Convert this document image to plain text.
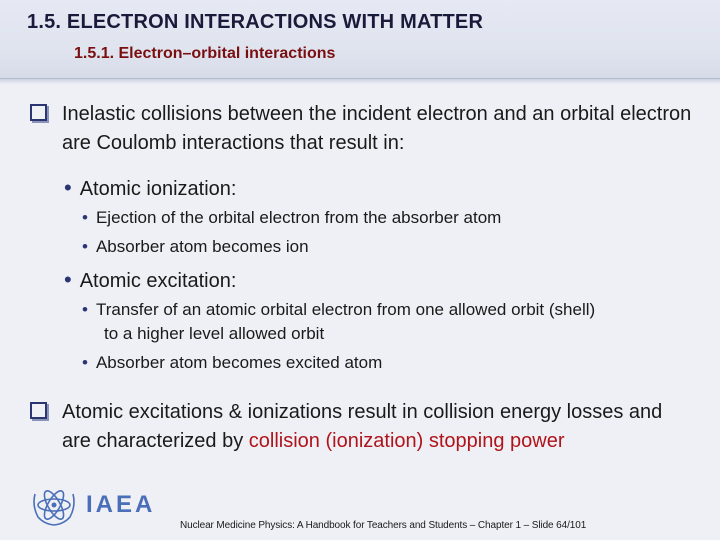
1.5. ELECTRON INTERACTIONS WITH MATTER
1.5.1. Electron–orbital interactions
Inelastic collisions between the incident electron and an orbital electron are Coulomb interactions that result in:
• Atomic ionization:
• Ejection of the orbital electron from the absorber atom
• Absorber atom becomes ion
• Atomic excitation:
• Transfer of an atomic orbital electron from one allowed orbit (shell)
to a higher level allowed orbit
• Absorber atom becomes excited atom
Atomic excitations & ionizations result in collision energy losses and are characterized by collision (ionization) stopping power
IAEA
Nuclear Medicine Physics: A Handbook for Teachers and Students – Chapter 1 – Slide 64/101
